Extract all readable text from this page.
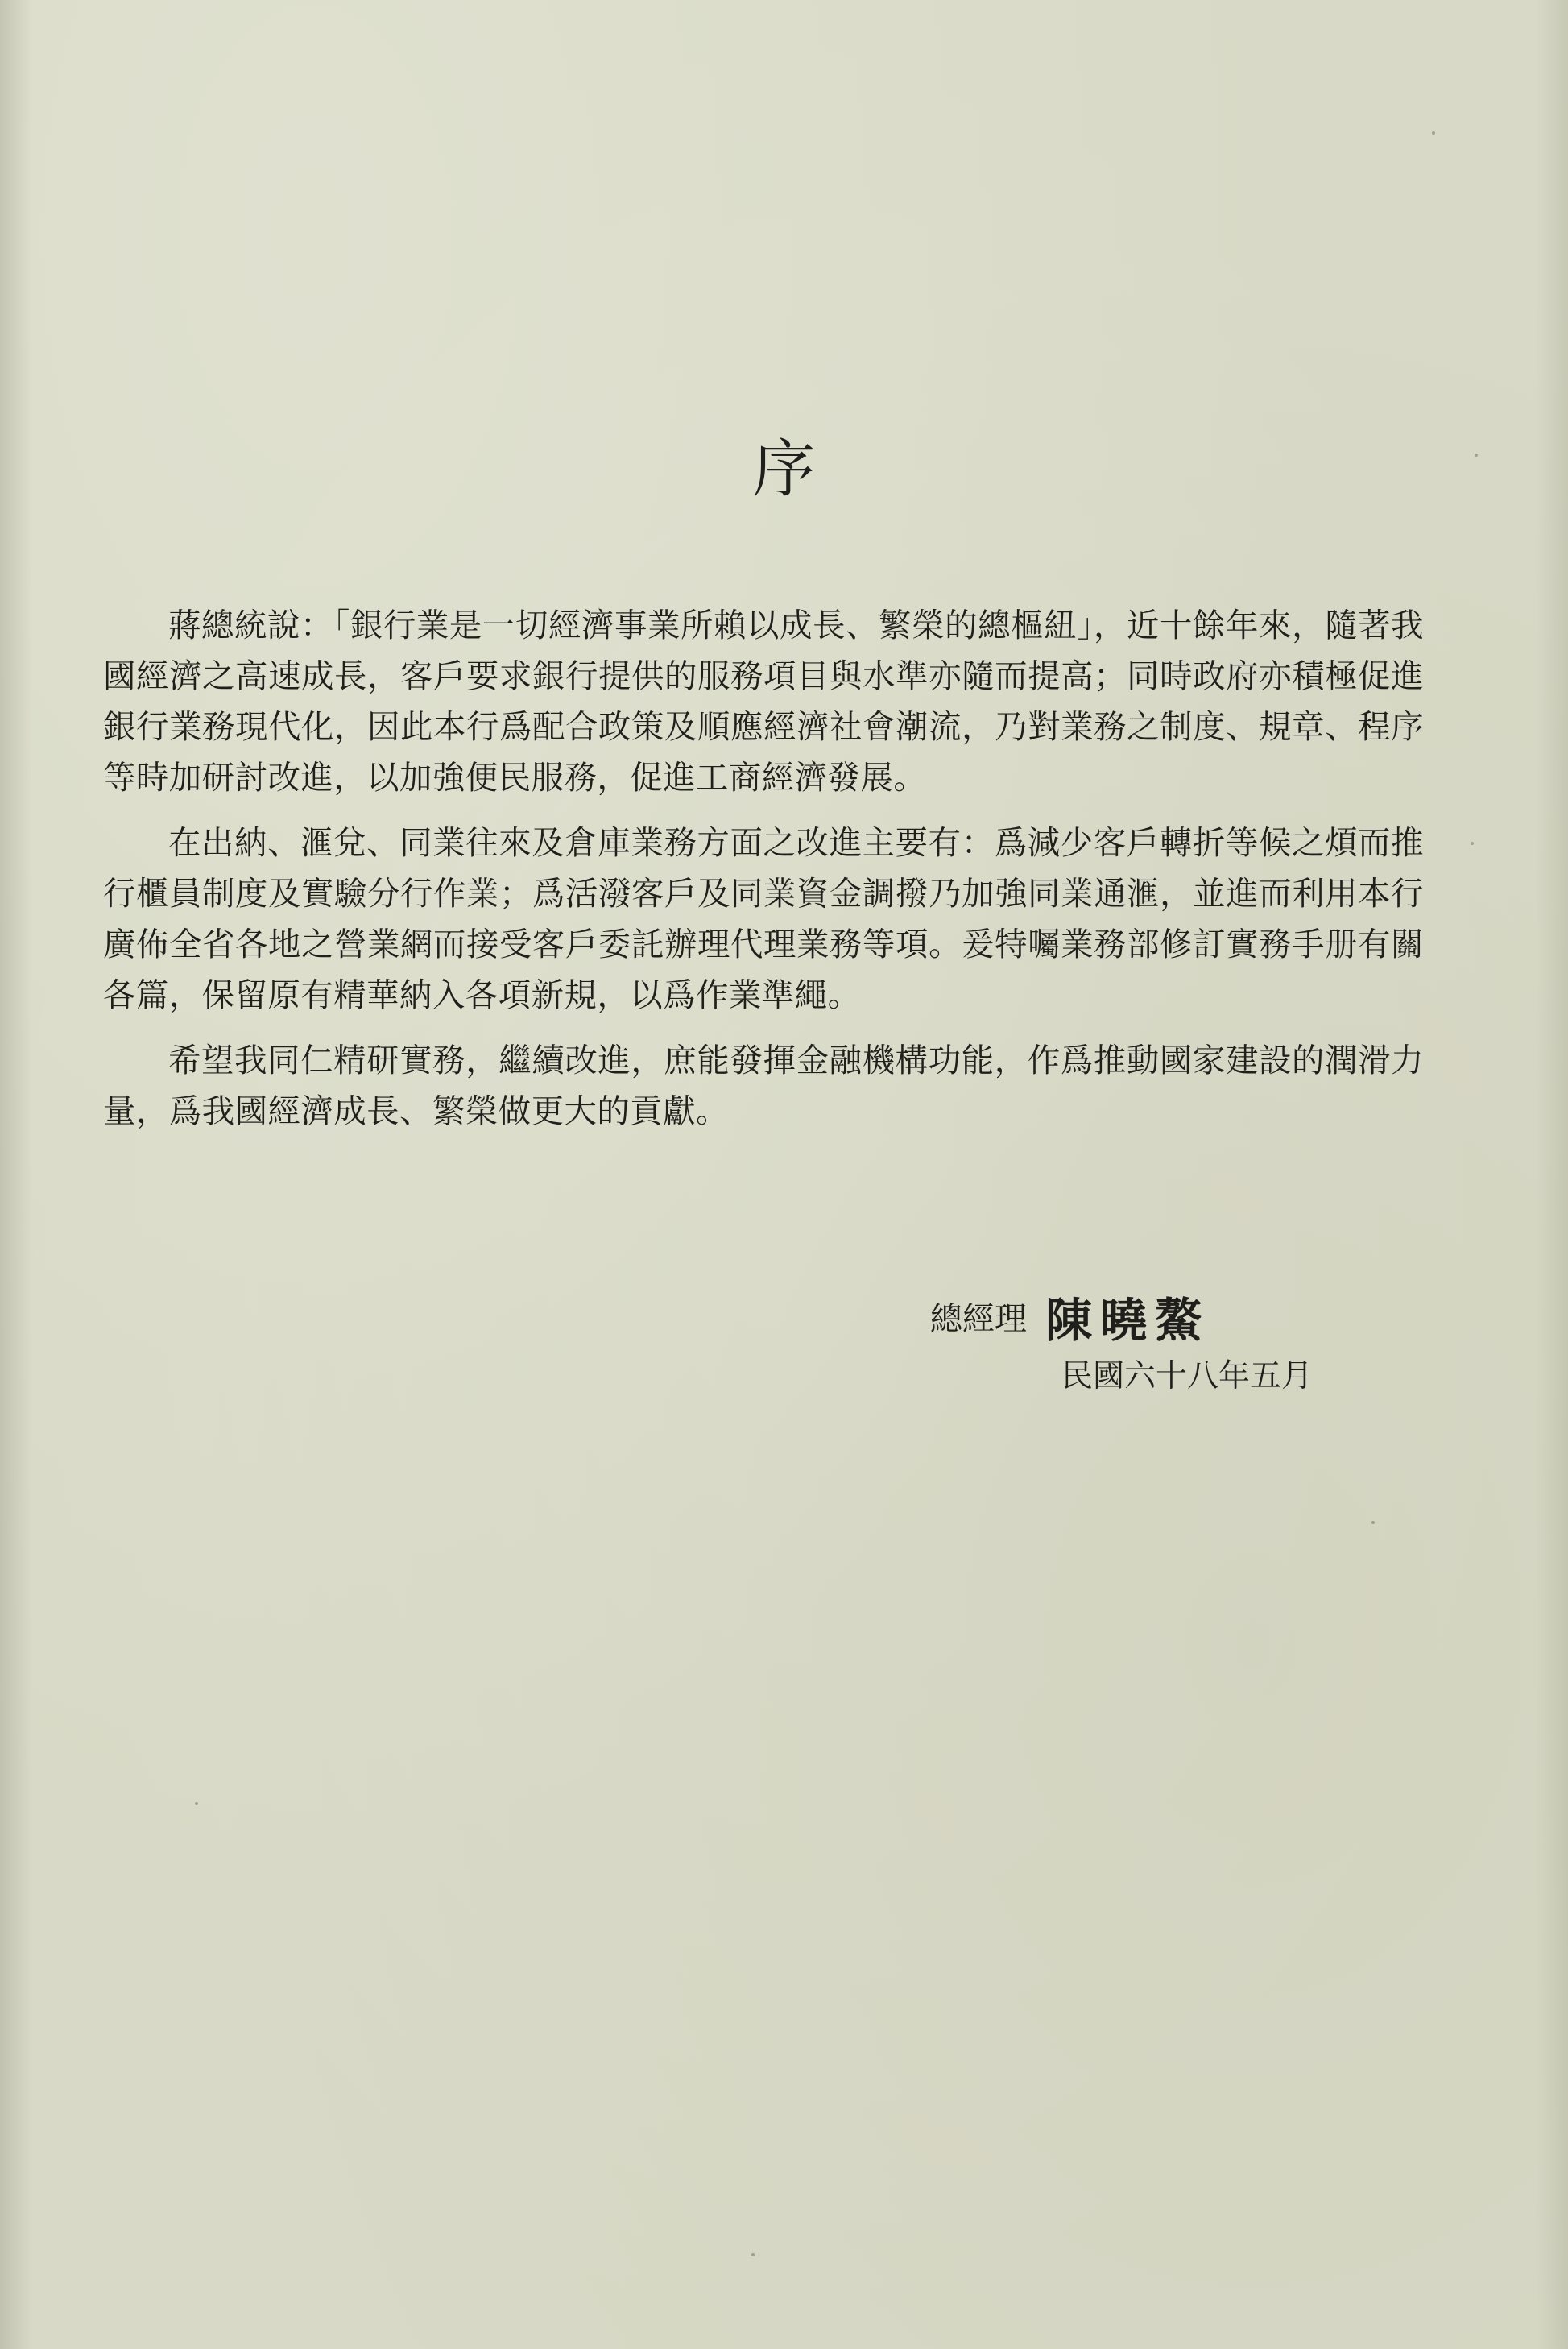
序

蔣總統說：「銀行業是一切經濟事業所賴以成長、繁榮的總樞紐」，近十餘年來，隨著我國經濟之高速成長，客戶要求銀行提供的服務項目與水準亦隨而提高；同時政府亦積極促進銀行業務現代化，因此本行爲配合政策及順應經濟社會潮流，乃對業務之制度、規章、程序等時加研討改進，以加強便民服務，促進工商經濟發展。

在出納、滙兌、同業往來及倉庫業務方面之改進主要有：爲減少客戶轉折等候之煩而推行櫃員制度及實驗分行作業；爲活潑客戶及同業資金調撥乃加強同業通滙，並進而利用本行廣佈全省各地之營業網而接受客戶委託辦理代理業務等項。爰特囑業務部修訂實務手册有關各篇，保留原有精華納入各項新規，以爲作業準繩。

希望我同仁精研實務，繼續改進，庶能發揮金融機構功能，作爲推動國家建設的潤滑力量，爲我國經濟成長、繁榮做更大的貢獻。

總經理 陳曉鰲
民國六十八年五月
